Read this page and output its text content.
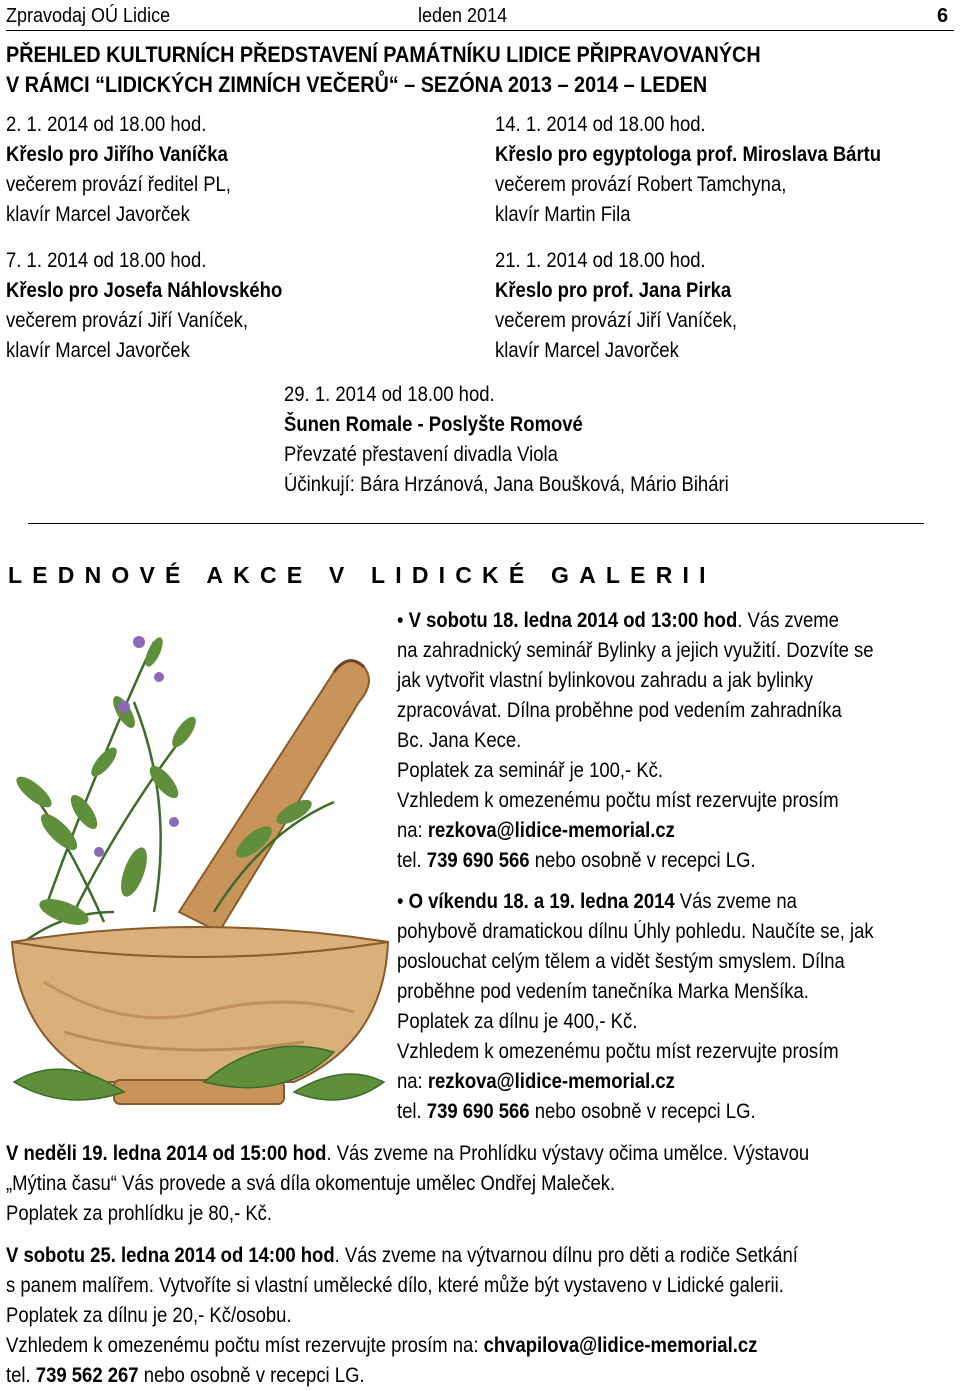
Zpravodaj OÚ Lidice	leden 2014	6
PŘEHLED KULTURNÍCH PŘEDSTAVENÍ PAMÁTNÍKU LIDICE PŘIPRAVOVANÝCH
V RÁMCI “LIDICKÝCH ZIMNÍCH VEČERŮ“ – SEZÓNA 2013 – 2014 – LEDEN
2. 1. 2014 od 18.00 hod.
Křeslo pro Jiřího Vaníčka
večerem provází ředitel PL,
klavír Marcel Javorček
14. 1. 2014 od 18.00 hod.
Křeslo pro egyptologa prof. Miroslava Bártu
večerem provází Robert Tamchyna,
klavír Martin Fila
7. 1. 2014 od 18.00 hod.
Křeslo pro Josefa Náhlovského
večerem provází Jiří Vaníček,
klavír Marcel Javorček
21. 1. 2014 od 18.00 hod.
Křeslo pro prof. Jana Pirka
večerem provází Jiří Vaníček,
klavír Marcel Javorček
29. 1. 2014 od 18.00 hod.
Šunen Romale - Poslyšte Romové
Převzaté přestavení divadla Viola
Účinkují: Bára Hrzánová, Jana Boušková, Mário Bihári
LEDNOVÉ AKCE V LIDICKÉ GALERII
• V sobotu 18. ledna 2014 od 13:00 hod. Vás zveme
na zahradnický seminář Bylinky a jejich využití. Dozvíte se
jak vytvořit vlastní bylinkovou zahradu a jak bylinky
zpracovávat. Dílna proběhne pod vedením zahradníka
Bc. Jana Kece.
Poplatek za seminář je 100,- Kč.
Vzhledem k omezenému počtu míst rezervujte prosím
na: rezkova@lidice-memorial.cz
tel. 739 690 566 nebo osobně v recepci LG.
• O víkendu 18. a 19. ledna 2014 Vás zveme na
pohybově dramatickou dílnu Úhly pohledu. Naučíte se, jak
poslouchat celým tělem a vidět šestým smyslem. Dílna
proběhne pod vedením tanečníka Marka Menšíka.
Poplatek za dílnu je 400,- Kč.
Vzhledem k omezenému počtu míst rezervujte prosím
na: rezkova@lidice-memorial.cz
tel. 739 690 566 nebo osobně v recepci LG.
V neděli 19. ledna 2014 od 15:00 hod. Vás zveme na Prohlídku výstavy očima umělce. Výstavou
„Mýtina času“ Vás provede a svá díla okomentuje umělec Ondřej Maleček.
Poplatek za prohlídku je 80,- Kč.
V sobotu 25. ledna 2014 od 14:00 hod. Vás zveme na výtvarnou dílnu pro děti a rodiče Setkání
s panem malířem. Vytvoříte si vlastní umělecké dílo, které může být vystaveno v Lidické galerii.
Poplatek za dílnu je 20,- Kč/osobu.
Vzhledem k omezenému počtu míst rezervujte prosím na: chvapilova@lidice-memorial.cz
tel. 739 562 267 nebo osobně v recepci LG.
